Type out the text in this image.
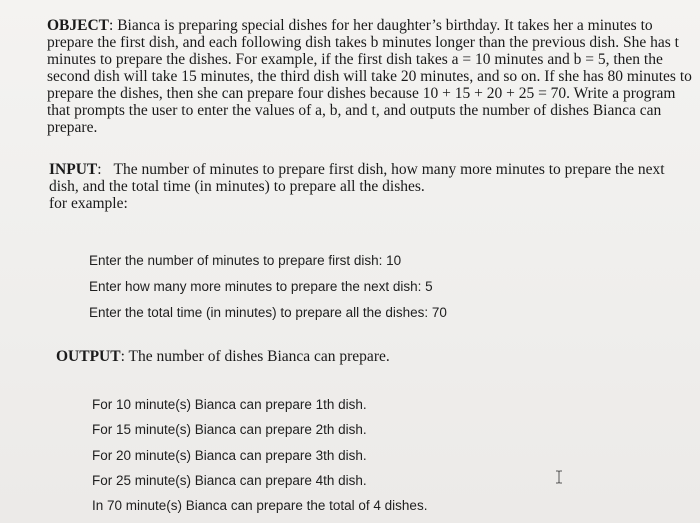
OBJECT: Bianca is preparing special dishes for her daughter’s birthday. It takes her a minutes to
prepare the first dish, and each following dish takes b minutes longer than the previous dish. She has t
minutes to prepare the dishes. For example, if the first dish takes a = 10 minutes and b = 5, then the
second dish will take 15 minutes, the third dish will take 20 minutes, and so on. If she has 80 minutes to
prepare the dishes, then she can prepare four dishes because 10 + 15 + 20 + 25 = 70. Write a program
that prompts the user to enter the values of a, b, and t, and outputs the number of dishes Bianca can
prepare.
INPUT: The number of minutes to prepare first dish, how many more minutes to prepare the next
dish, and the total time (in minutes) to prepare all the dishes.
for example:
Enter the number of minutes to prepare first dish: 10
Enter how many more minutes to prepare the next dish: 5
Enter the total time (in minutes) to prepare all the dishes: 70
OUTPUT: The number of dishes Bianca can prepare.
For 10 minute(s) Bianca can prepare 1th dish.
For 15 minute(s) Bianca can prepare 2th dish.
For 20 minute(s) Bianca can prepare 3th dish.
For 25 minute(s) Bianca can prepare 4th dish.
In 70 minute(s) Bianca can prepare the total of 4 dishes.
